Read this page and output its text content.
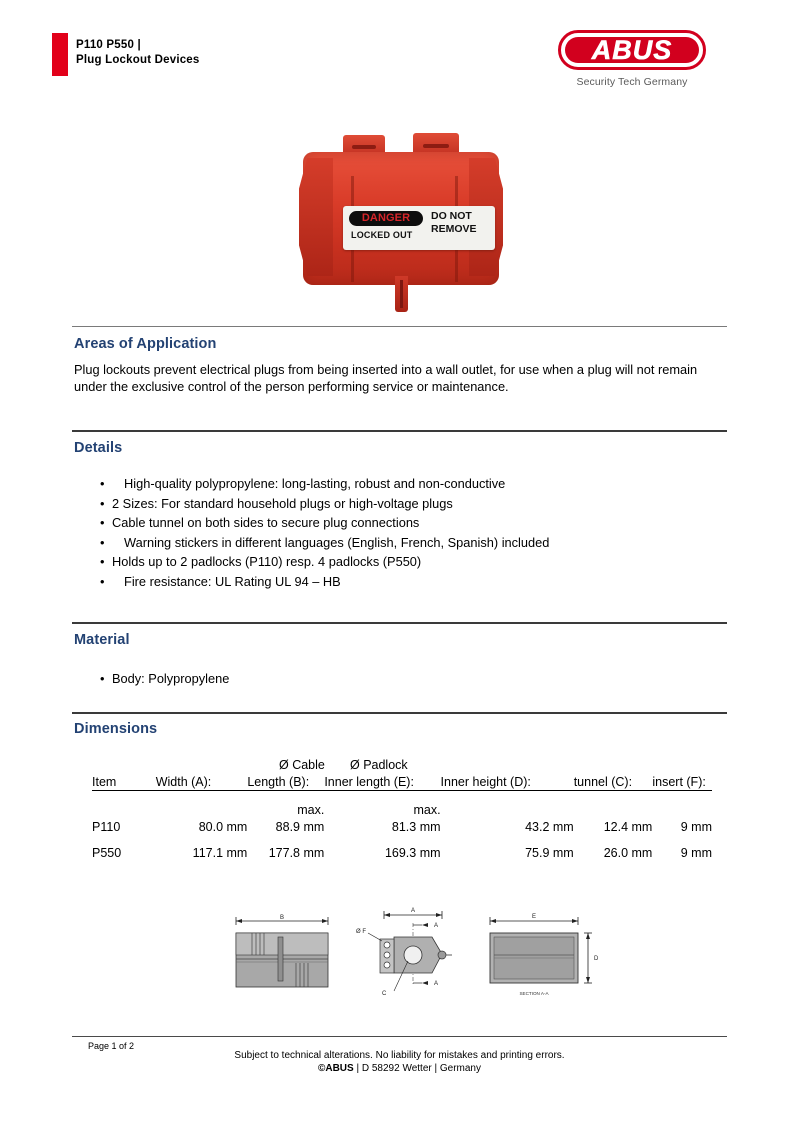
P110 P550 |
Plug Lockout Devices	ABUS
Security Tech Germany
DANGER
LOCKED OUT
DO NOT REMOVE
Areas of Application
Plug lockouts prevent electrical plugs from being inserted into a wall outlet, for use when a plug will not remain under the exclusive control of the person performing service or maintenance.
Details
•	High-quality polypropylene: long-lasting, robust and non-conductive
• 2 Sizes: For standard household plugs or high-voltage plugs
• Cable tunnel on both sides to secure plug connections
•	Warning stickers in different languages (English, French, Spanish) included
• Holds up to 2 padlocks (P110) resp. 4 padlocks (P550)
•	Fire resistance: UL Rating UL 94 – HB
Material
• Body: Polypropylene
Dimensions
Ø Cable Ø Padlock
Item	Width (A):	Length (B):	Inner length (E):	Inner height (D):	tunnel (C):	insert (F):
		max.	max.			
P110	80.0 mm	88.9 mm	81.3 mm	43.2 mm	12.4 mm	9 mm
P550	117.1 mm	177.8 mm	169.3 mm	75.9 mm	26.0 mm	9 mm
B
A
A
A
Ø F
C
E
D
SECTION A-A
Page 1 of 2
Subject to technical alterations. No liability for mistakes and printing errors.
©ABUS | D 58292 Wetter | Germany
